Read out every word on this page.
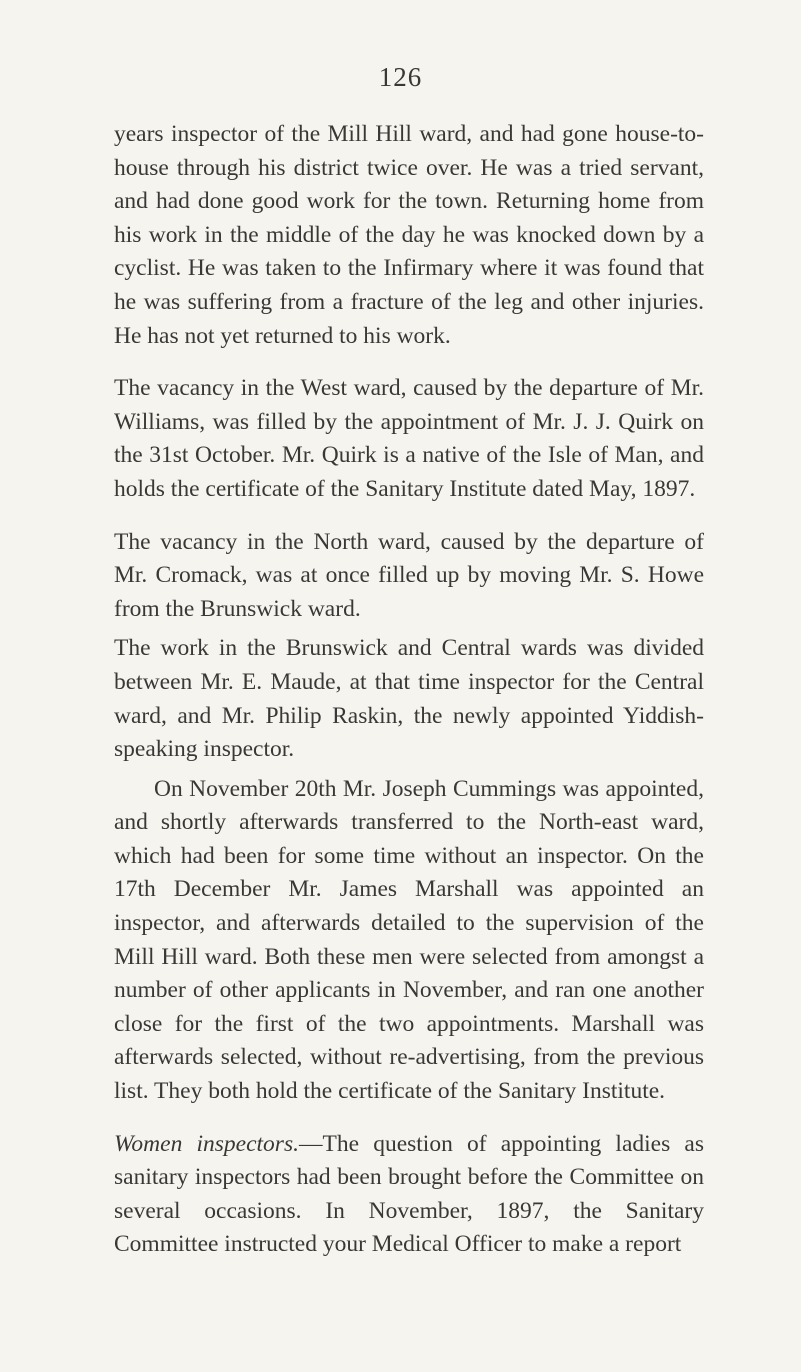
126

years inspector of the Mill Hill ward, and had gone house-to-house through his district twice over. He was a tried servant, and had done good work for the town. Returning home from his work in the middle of the day he was knocked down by a cyclist. He was taken to the Infirmary where it was found that he was suffering from a fracture of the leg and other injuries. He has not yet returned to his work.

The vacancy in the West ward, caused by the departure of Mr. Williams, was filled by the appointment of Mr. J. J. Quirk on the 31st October. Mr. Quirk is a native of the Isle of Man, and holds the certificate of the Sanitary Institute dated May, 1897.

The vacancy in the North ward, caused by the departure of Mr. Cromack, was at once filled up by moving Mr. S. Howe from the Brunswick ward.

The work in the Brunswick and Central wards was divided between Mr. E. Maude, at that time inspector for the Central ward, and Mr. Philip Raskin, the newly appointed Yiddish-speaking inspector.

On November 20th Mr. Joseph Cummings was appointed, and shortly afterwards transferred to the North-east ward, which had been for some time without an inspector. On the 17th December Mr. James Marshall was appointed an inspector, and afterwards detailed to the supervision of the Mill Hill ward. Both these men were selected from amongst a number of other applicants in November, and ran one another close for the first of the two appointments. Marshall was afterwards selected, without re-advertising, from the previous list. They both hold the certificate of the Sanitary Institute.

Women inspectors.—The question of appointing ladies as sanitary inspectors had been brought before the Committee on several occasions. In November, 1897, the Sanitary Committee instructed your Medical Officer to make a report
